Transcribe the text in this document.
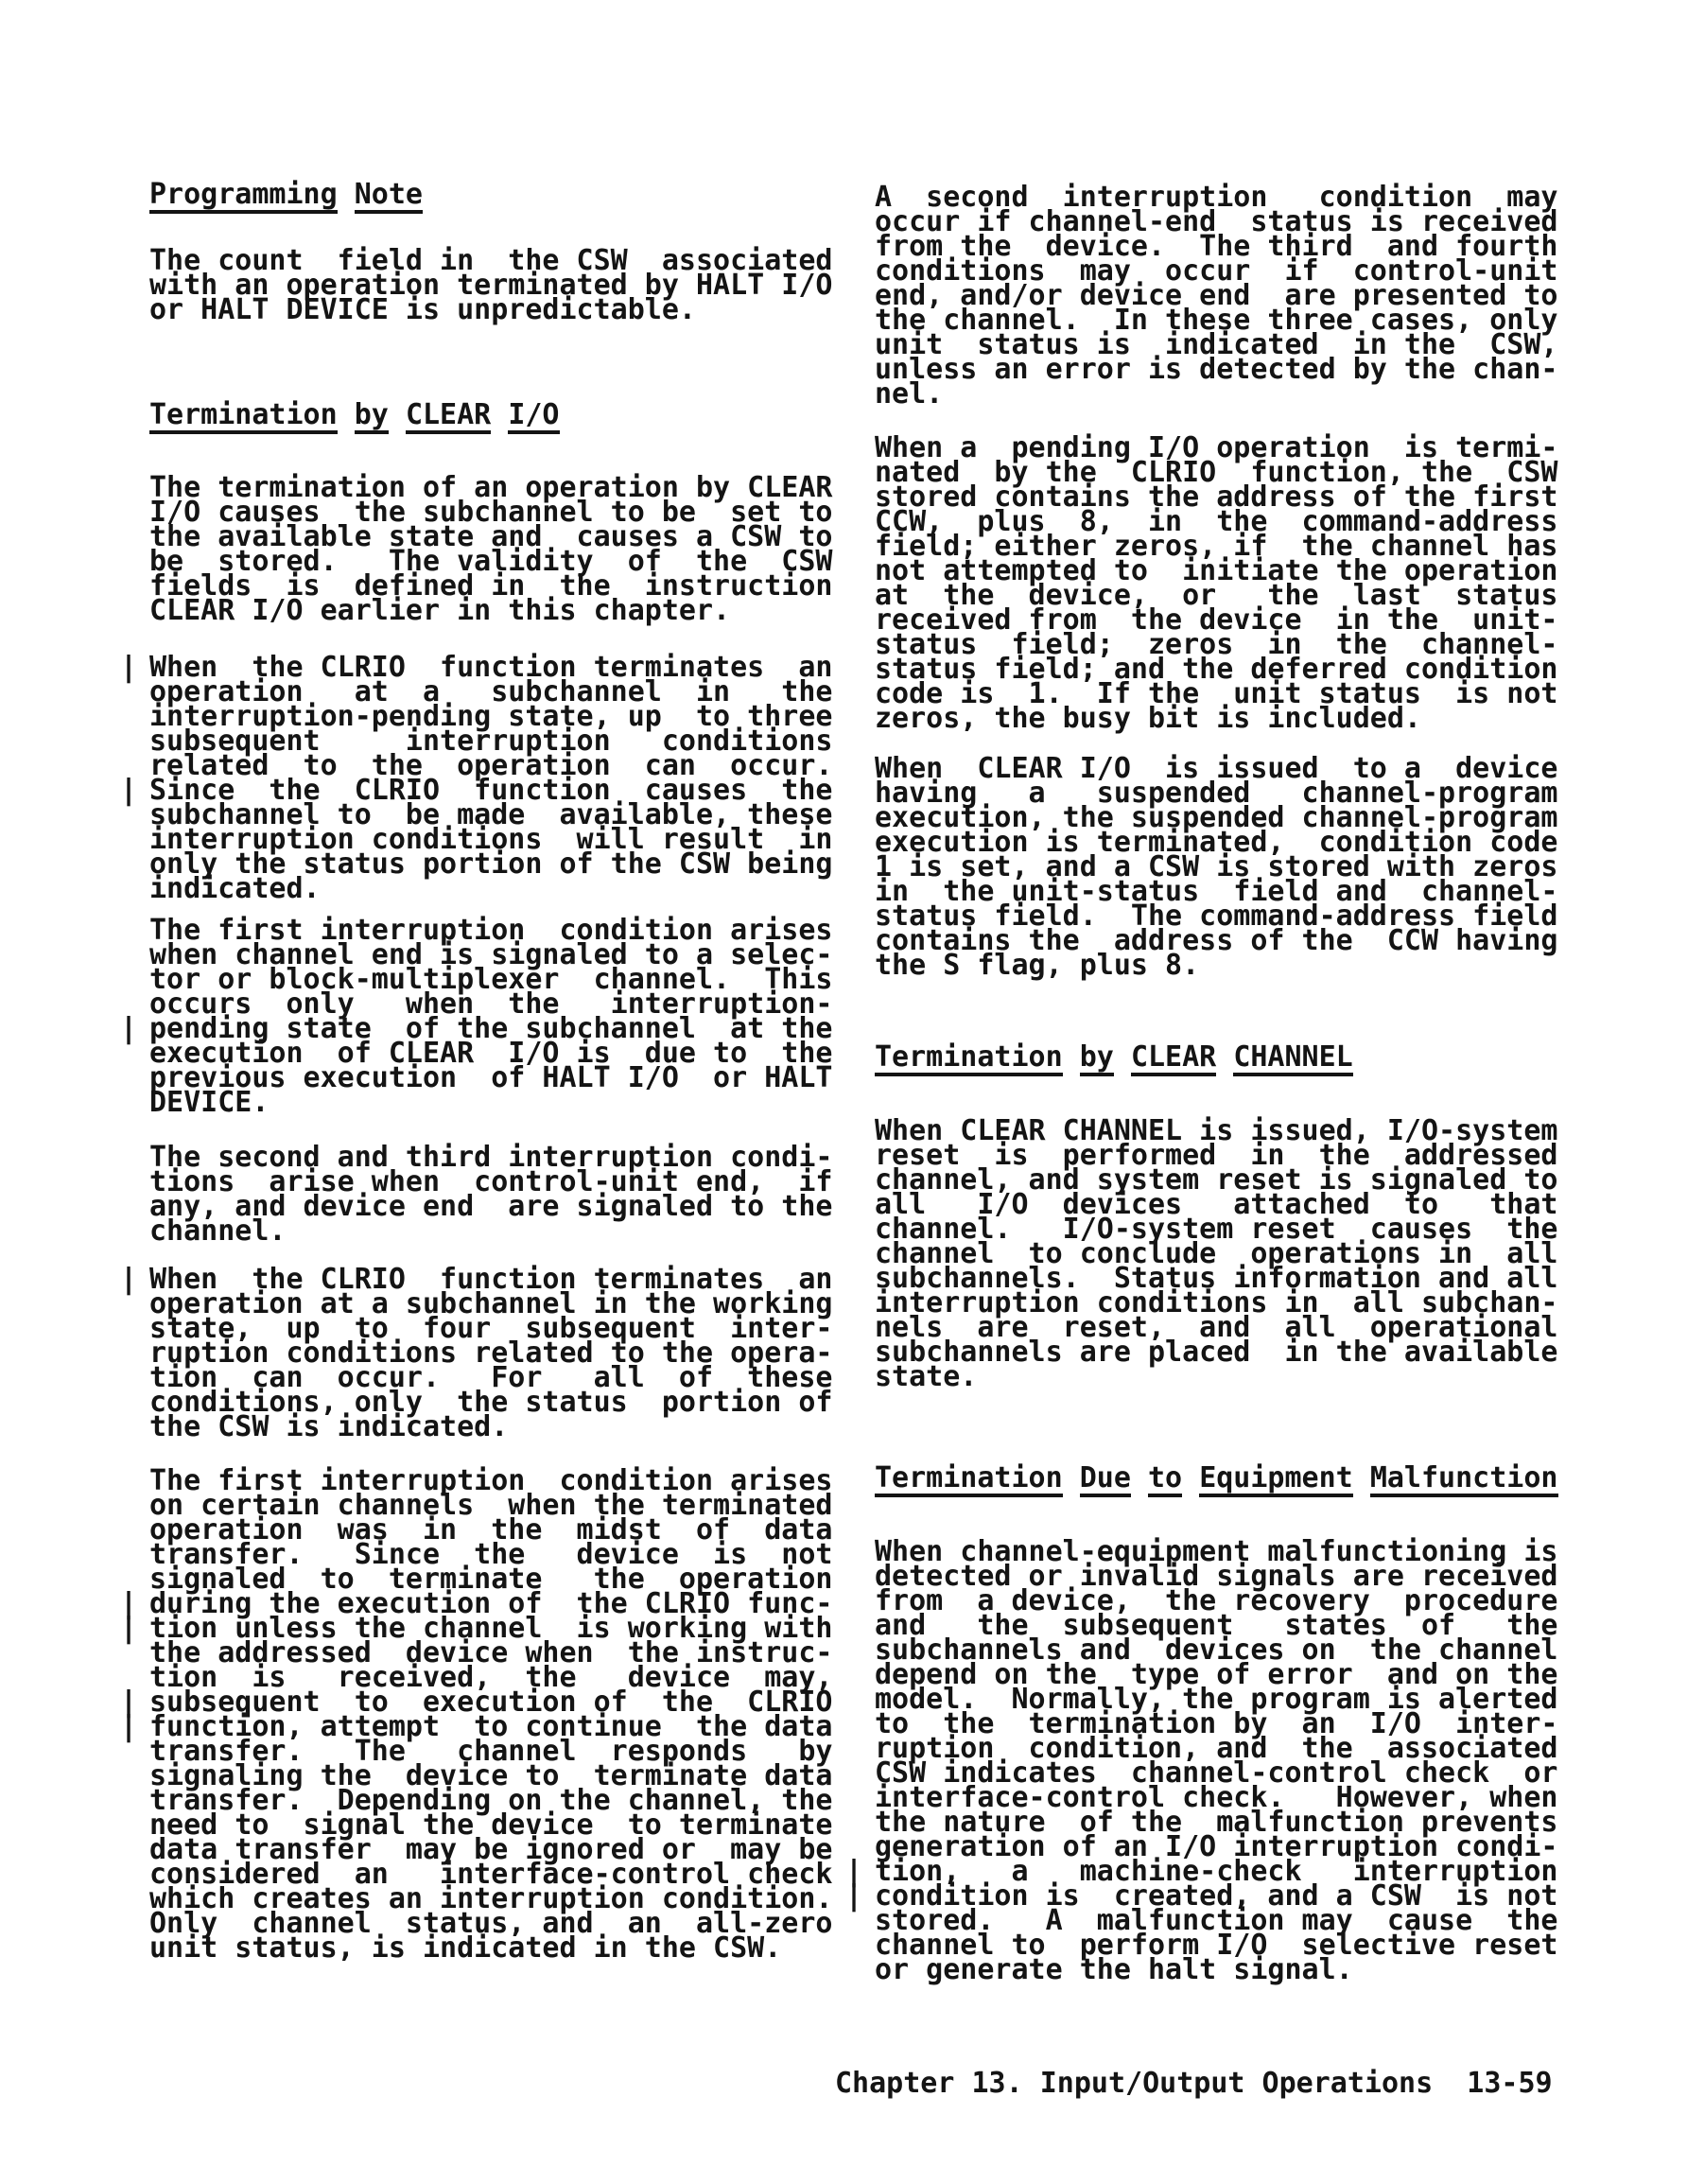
Programming Note
The count  field in  the CSW  associated
with an operation terminated by HALT I/O
or HALT DEVICE is unpredictable.
Termination by CLEAR I/O
The termination of an operation by CLEAR
I/O causes  the subchannel to be  set to
the available state and  causes a CSW to
be  stored.   The validity  of  the  CSW
fields  is  defined in  the  instruction
CLEAR I/O earlier in this chapter.
| When  the CLRIO  function terminates  an
operation   at  a   subchannel  in   the
interruption-pending state, up  to three
subsequent     interruption   conditions
related  to  the  operation  can  occur.
| Since  the  CLRIO  function  causes  the
subchannel to  be made  available, these
interruption conditions  will result  in
only the status portion of the CSW being
indicated.
The first interruption  condition arises
when channel end is signaled to a selec-
tor or block-multiplexer  channel.  This
occurs  only   when  the   interruption-
| pending state  of the subchannel  at the
execution  of CLEAR  I/O is  due to  the
previous execution  of HALT I/O  or HALT
DEVICE.
The second and third interruption condi-
tions  arise when  control-unit end,  if
any, and device end  are signaled to the
channel.
| When  the CLRIO  function terminates  an
operation at a subchannel in the working
state,  up  to  four  subsequent  inter-
ruption conditions related to the opera-
tion  can  occur.   For   all  of  these
conditions, only  the status  portion of
the CSW is indicated.
The first interruption  condition arises
on certain channels  when the terminated
operation  was  in  the  midst  of  data
transfer.   Since  the   device  is  not
signaled  to  terminate   the  operation
| during the execution of  the CLRIO func-
| tion unless the channel  is working with
the addressed  device when  the instruc-
tion  is   received,  the   device  may,
| subsequent  to  execution of  the  CLRIO
| function, attempt  to continue  the data
transfer.   The   channel  responds   by
signaling the  device to  terminate data
transfer.  Depending on the channel, the
need to  signal the device  to terminate
data transfer  may be ignored or  may be
considered  an   interface-control check
which creates an interruption condition.
Only  channel  status, and  an  all-zero
unit status, is indicated in the CSW.
A  second  interruption   condition  may
occur if channel-end  status is received
from the  device.  The third  and fourth
conditions  may  occur  if  control-unit
end, and/or device end  are presented to
the channel.  In these three cases, only
unit  status is  indicated  in the  CSW,
unless an error is detected by the chan-
nel.
When a  pending I/O operation  is termi-
nated  by the  CLRIO  function, the  CSW
stored contains the address of the first
CCW,  plus  8,  in  the  command-address
field; either zeros, if  the channel has
not attempted to  initiate the operation
at  the  device,  or   the  last  status
received from  the device  in the  unit-
status  field;  zeros  in  the  channel-
status field; and the deferred condition
code is  1.  If the  unit status  is not
zeros, the busy bit is included.
When  CLEAR I/O  is issued  to a  device
having   a   suspended   channel-program
execution, the suspended channel-program
execution is terminated,  condition code
1 is set, and a CSW is stored with zeros
in  the unit-status  field and  channel-
status field.  The command-address field
contains the  address of the  CCW having
the S flag, plus 8.
Termination by CLEAR CHANNEL
When CLEAR CHANNEL is issued, I/O-system
reset  is  performed  in  the  addressed
channel, and system reset is signaled to
all   I/O  devices   attached  to   that
channel.   I/O-system reset  causes  the
channel  to conclude  operations in  all
subchannels.  Status information and all
interruption conditions in  all subchan-
nels  are  reset,  and  all  operational
subchannels are placed  in the available
state.
Termination Due to Equipment Malfunction
When channel-equipment malfunctioning is
detected or invalid signals are received
from  a device,  the recovery  procedure
and   the  subsequent   states  of   the
subchannels and  devices on  the channel
depend on the  type of error  and on the
model.  Normally, the program is alerted
to  the  termination by  an  I/O  inter-
ruption  condition, and  the  associated
CSW indicates  channel-control check  or
interface-control check.   However, when
the nature  of the  malfunction prevents
generation of an I/O interruption condi-
| tion,   a   machine-check   interruption
| condition is  created, and a CSW  is not
stored.   A  malfunction may  cause  the
channel to  perform I/O  selective reset
or generate the halt signal.
Chapter 13. Input/Output Operations  13-59
